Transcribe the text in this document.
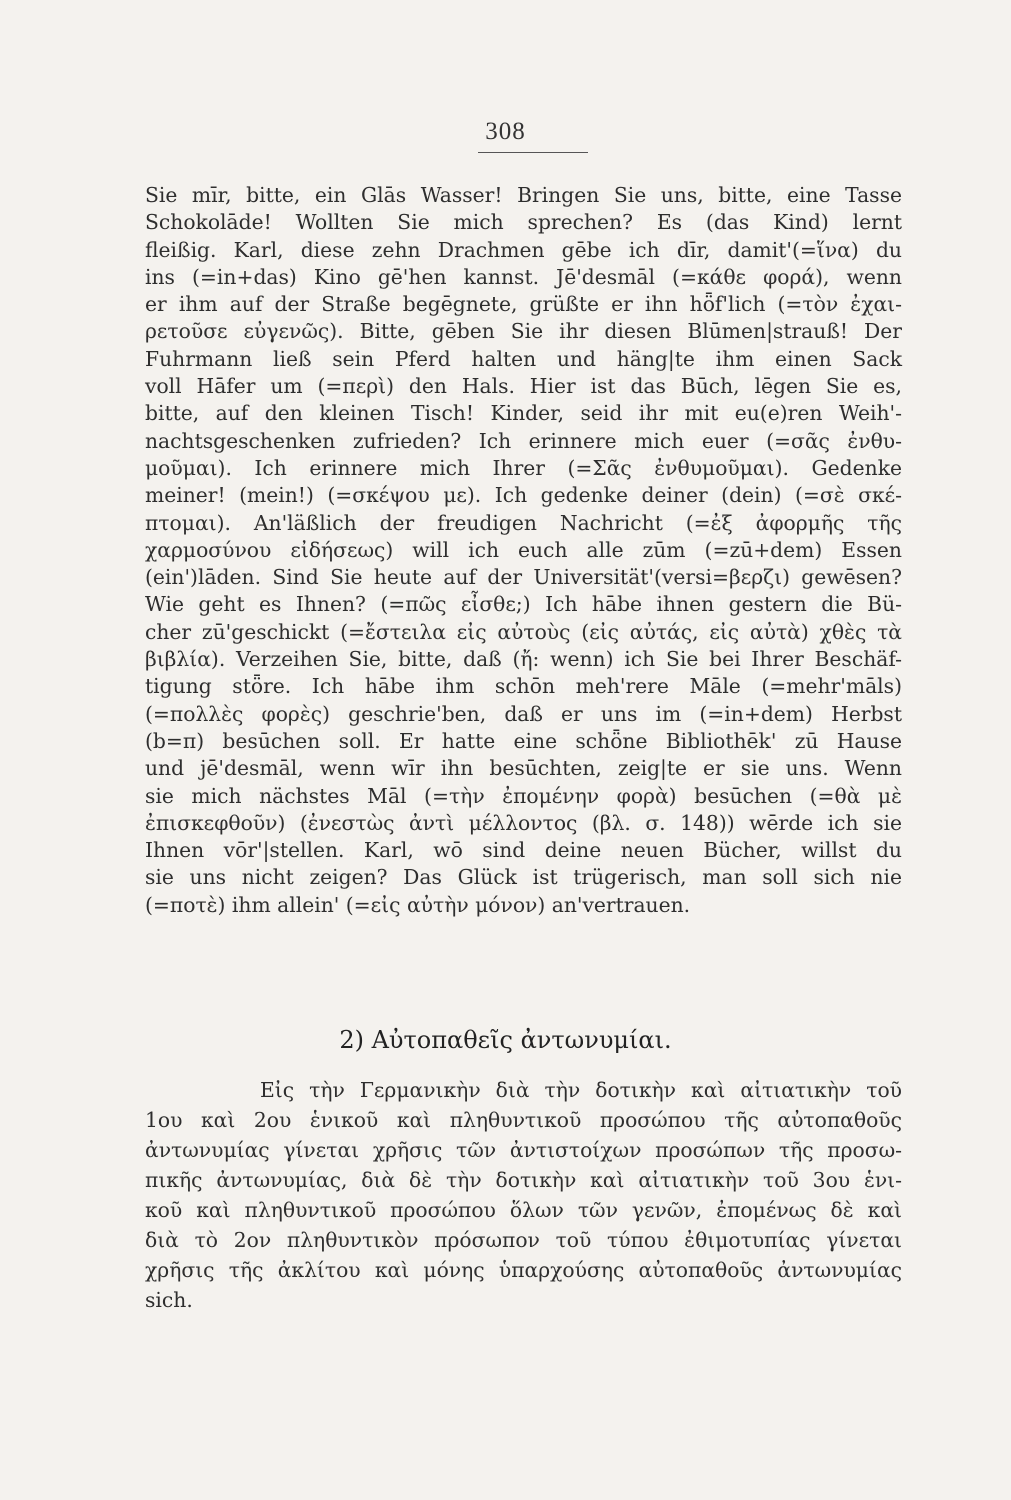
308
Sie mīr, bitte, ein Glās Wasser! Bringen Sie uns, bitte, eine Tasse
Schokolāde! Wollten Sie mich sprechen? Es (das Kind) lernt
fleißig. Karl, diese zehn Drachmen gēbe ich dīr, damit'(=ἵνα) du
ins (=in+das) Kino gē'hen kannst. Jē'desmāl (=κάθε φορά), wenn
er ihm auf der Straße begēgnete, grüßte er ihn hȫf'lich (=τὸν ἐχαι-
ρετοῦσε εὐγενῶς). Bitte, gēben Sie ihr diesen Blūmen|strauß! Der
Fuhrmann ließ sein Pferd halten und häng|te ihm einen Sack
voll Hāfer um (=περὶ) den Hals. Hier ist das Būch, lēgen Sie es,
bitte, auf den kleinen Tisch! Kinder, seid ihr mit eu(e)ren Weih'-
nachtsgeschenken zufrieden? Ich erinnere mich euer (=σᾶς ἐνθυ-
μοῦμαι). Ich erinnere mich Ihrer (=Σᾶς ἐνθυμοῦμαι). Gedenke
meiner! (mein!) (=σκέψου με). Ich gedenke deiner (dein) (=σὲ σκέ-
πτομαι). An'läßlich der freudigen Nachricht (=ἐξ ἀφορμῆς τῆς
χαρμοσύνου εἰδήσεως) will ich euch alle zūm (=zū+dem) Essen
(ein')lāden. Sind Sie heute auf der Universität'(versi=βερζι) gewēsen?
Wie geht es Ihnen? (=πῶς εἶσθε;) Ich hābe ihnen gestern die Bü-
cher zū'geschickt (=ἔστειλα εἰς αὐτοὺς (εἰς αὐτάς, εἰς αὐτὰ) χθὲς τὰ
βιβλία). Verzeihen Sie, bitte, daß (ἤ: wenn) ich Sie bei Ihrer Beschäf-
tigung stȫre. Ich hābe ihm schōn meh'rere Māle (=mehr'māls)
(=πολλὲς φορὲς) geschrie'ben, daß er uns im (=in+dem) Herbst
(b=π) besūchen soll. Er hatte eine schȫne Bibliothēk' zū Hause
und jē'desmāl, wenn wīr ihn besūchten, zeig|te er sie uns. Wenn
sie mich nächstes Māl (=τὴν ἐπομένην φορὰ) besūchen (=θὰ μὲ
ἐπισκεφθοῦν) (ἐνεστὼς ἀντὶ μέλλοντος (βλ. σ. 148)) wērde ich sie
Ihnen vōr'|stellen. Karl, wō sind deine neuen Bücher, willst du
sie uns nicht zeigen? Das Glück ist trügerisch, man soll sich nie
(=ποτὲ) ihm allein' (=εἰς αὐτὴν μόνον) an'vertrauen.
2) Αὐτοπαθεῖς ἀντωνυμίαι.
Εἰς τὴν Γερμανικὴν διὰ τὴν δοτικὴν καὶ αἰτιατικὴν τοῦ
1ου καὶ 2ου ἑνικοῦ καὶ πληθυντικοῦ προσώπου τῆς αὐτοπαθοῦς
ἀντωνυμίας γίνεται χρῆσις τῶν ἀντιστοίχων προσώπων τῆς προσω-
πικῆς ἀντωνυμίας, διὰ δὲ τὴν δοτικὴν καὶ αἰτιατικὴν τοῦ 3ου ἑνι-
κοῦ καὶ πληθυντικοῦ προσώπου ὅλων τῶν γενῶν, ἐπομένως δὲ καὶ
διὰ τὸ 2ον πληθυντικὸν πρόσωπον τοῦ τύπου ἐθιμοτυπίας γίνεται
χρῆσις τῆς ἀκλίτου καὶ μόνης ὑπαρχούσης αὐτοπαθοῦς ἀντωνυμίας
sich.
